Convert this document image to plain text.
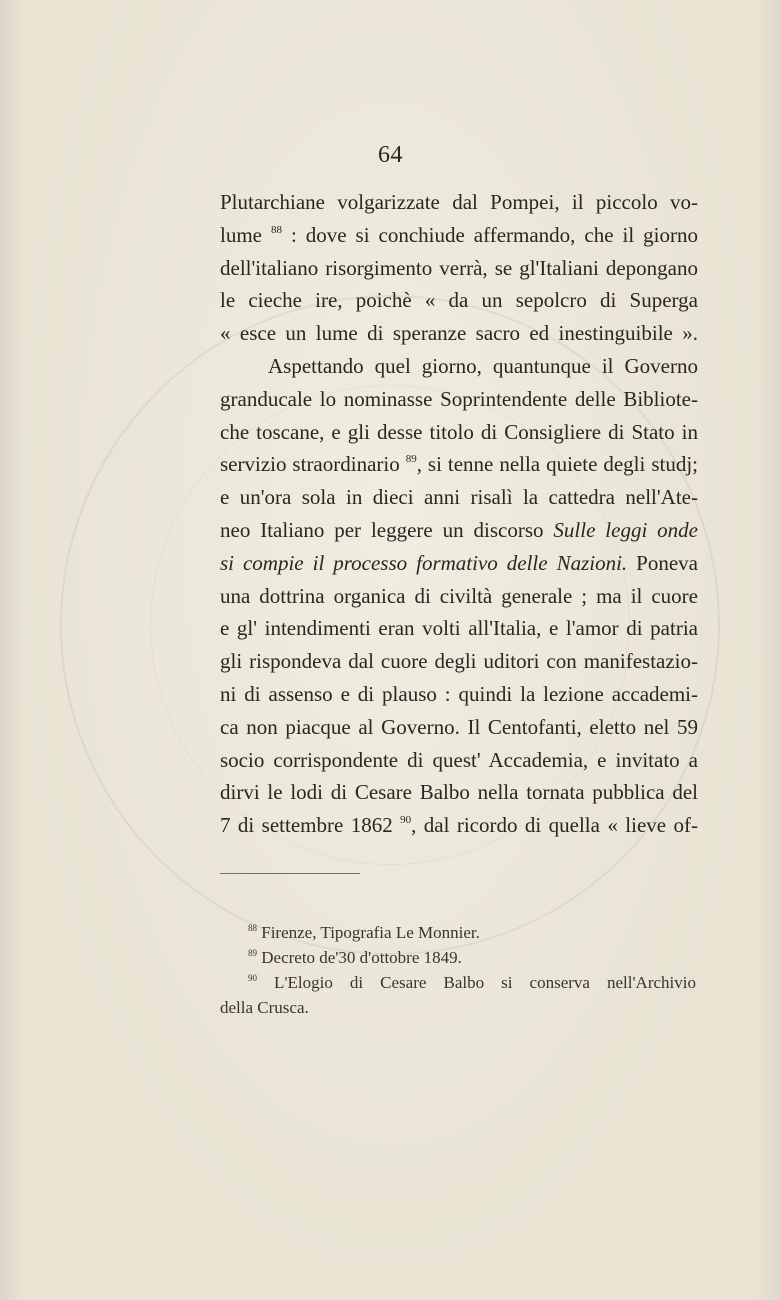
64
Plutarchiane volgarizzate dal Pompei, il piccolo vo-
lume $^{88}$ : dove si conchiude affermando, che il giorno
dell'italiano risorgimento verrà, se gl'Italiani depongano
le cieche ire, poichè « da un sepolcro di Superga
« esce un lume di speranze sacro ed inestinguibile ».
Aspettando quel giorno, quantunque il Governo
granducale lo nominasse Soprintendente delle Bibliote-
che toscane, e gli desse titolo di Consigliere di Stato in
servizio straordinario $^{89}$, si tenne nella quiete degli studj;
e un'ora sola in dieci anni risalì la cattedra nell'Ate-
neo Italiano per leggere un discorso Sulle leggi onde
si compie il processo formativo delle Nazioni. Poneva
una dottrina organica di civiltà generale ; ma il cuore
e gl' intendimenti eran volti all'Italia, e l'amor di patria
gli rispondeva dal cuore degli uditori con manifestazio-
ni di assenso e di plauso : quindi la lezione accademi-
ca non piacque al Governo. Il Centofanti, eletto nel 59
socio corrispondente di quest' Accademia, e invitato a
dirvi le lodi di Cesare Balbo nella tornata pubblica del
7 di settembre 1862 $^{90}$, dal ricordo di quella « lieve of-
$^{88}$ Firenze, Tipografia Le Monnier.
$^{89}$ Decreto de'30 d'ottobre 1849.
$^{90}$ L'Elogio di Cesare Balbo si conserva nell'Archivio
della Crusca.
